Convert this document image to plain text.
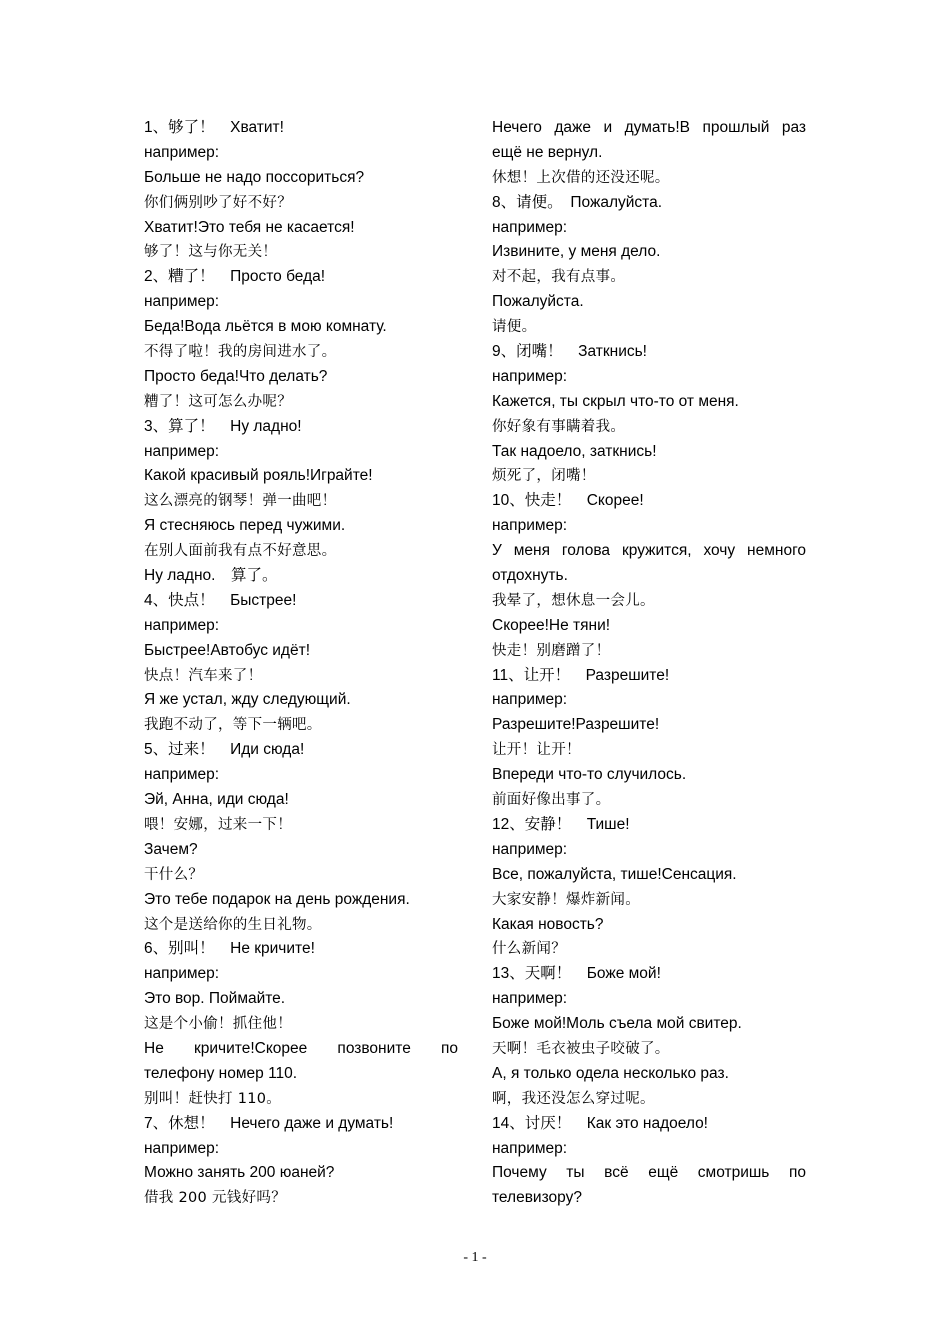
1、够了！　Хватит!
например:
Больше не надо поссориться?
你们俩别吵了好不好？
Хватит!Это тебя не касается!
够了！这与你无关！
2、糟了！　Просто беда!
например:
Беда!Вода льётся в мою комнату.
不得了啦！我的房间进水了。
Просто беда!Что делать?
糟了！这可怎么办呢？
3、算了！　Ну ладно!
например:
Какой красивый рояль!Играйте!
这么漂亮的钢琴！弹一曲吧！
Я стесняюсь перед чужими.
在别人面前我有点不好意思。
Ну ладно.　算了。
4、快点！　Быстрее!
например:
Быстрее!Автобус идёт!
快点！汽车来了！
Я же устал, жду следующий.
我跑不动了，等下一辆吧。
5、过来！　Иди сюда!
например:
Эй, Анна, иди сюда!
喂！安娜，过来一下！
Зачем?
干什么？
Это тебе подарок на день рождения.
这个是送给你的生日礼物。
6、别叫！　Не кричите!
например:
Это вор. Поймайте.
这是个小偷！抓住他！
Не кричите!Скорее позвоните по
телефону номер 110.
别叫！赶快打 110。
7、休想！　Нечего даже и думать!
например:
Можно занять 200 юаней?
借我 200 元钱好吗？
Нечего даже и думать!В прошлый раз
ещё не вернул.
休想！上次借的还没还呢。
8、请便。　Пожалуйста.
например:
Извините, у меня дело.
对不起，我有点事。
Пожалуйста.
请便。
9、闭嘴！　Заткнись!
например:
Кажется, ты скрыл что-то от меня.
你好象有事瞒着我。
Так надоело, заткнись!
烦死了，闭嘴！
10、快走！　Скорее!
например:
У меня голова кружится, хочу немного
отдохнуть.
我晕了，想休息一会儿。
Скорее!Не тяни!
快走！别磨蹭了！
11、让开！　Разрешите!
например:
Разрешите!Разрешите!
让开！让开！
Впереди что-то случилось.
前面好像出事了。
12、安静！　Тише!
например:
Все, пожалуйста, тише!Сенсация.
大家安静！爆炸新闻。
Какая новость?
什么新闻？
13、天啊！　Боже мой!
например:
Боже мой!Моль съела мой свитер.
天啊！毛衣被虫子咬破了。
А, я только одела несколько раз.
啊，我还没怎么穿过呢。
14、讨厌！　Как это надоело!
например:
Почему ты всё ещё смотришь по
телевизору?
- 1 -
